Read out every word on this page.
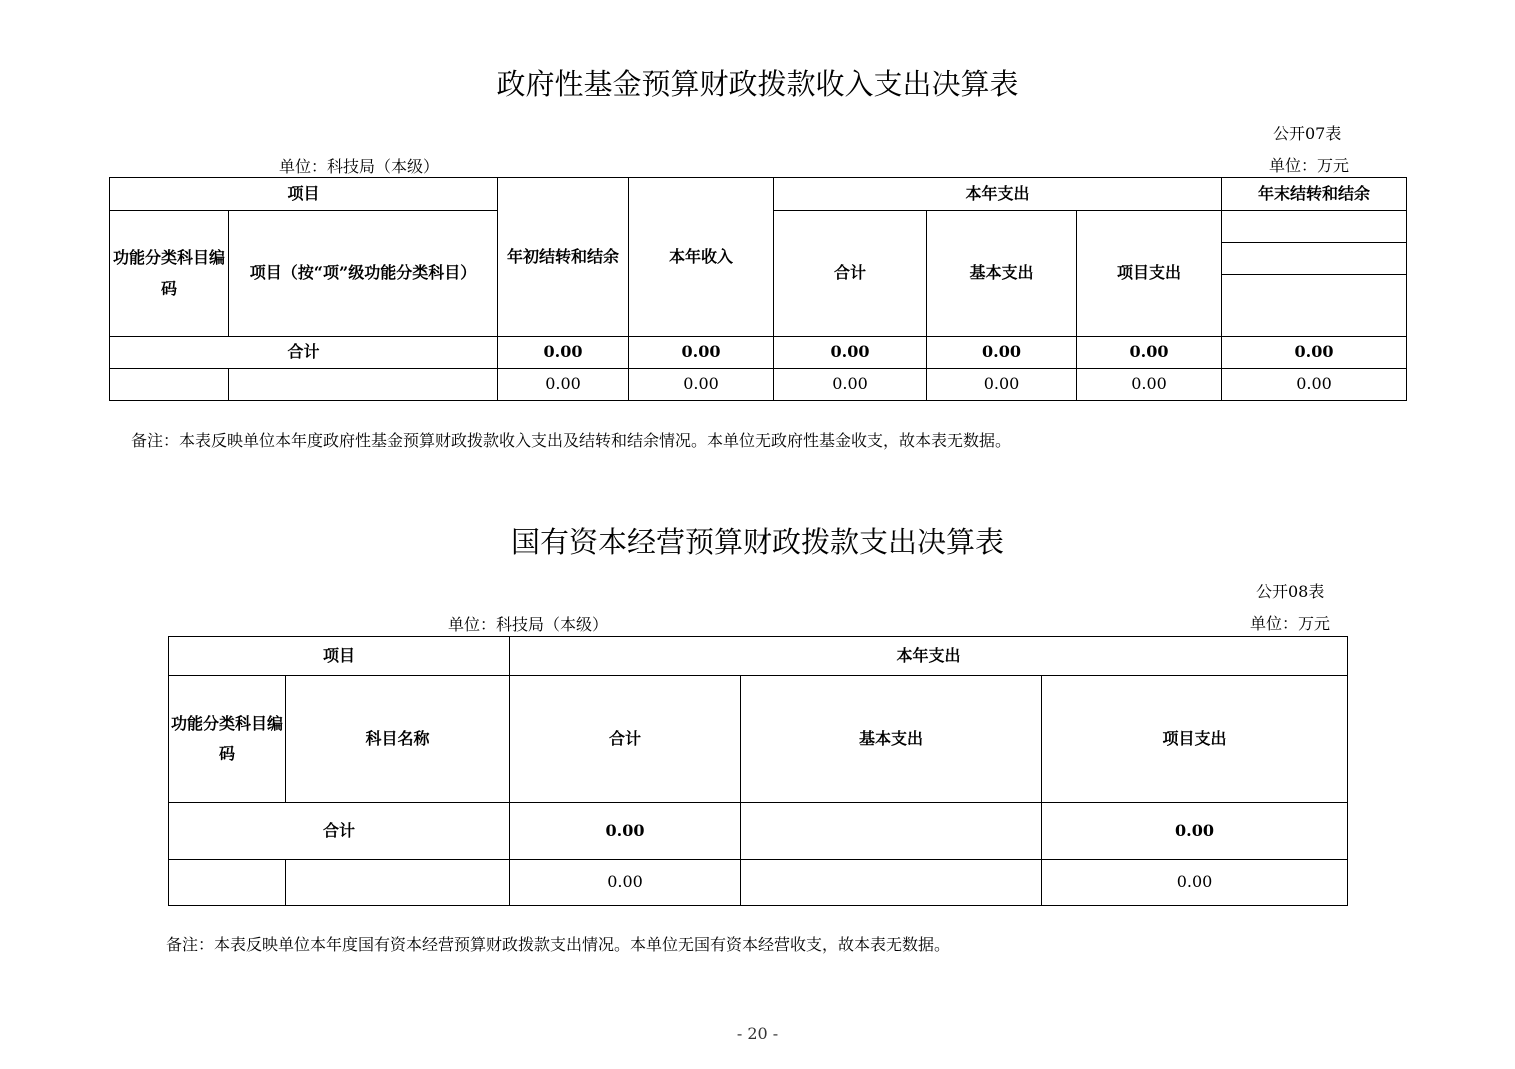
政府性基金预算财政拨款收入支出决算表
公开07表
单位：科技局（本级）	单位：万元
项目		年初结转和结余	本年收入	本年支出			年末结转和结余
功能分类科目编码	项目（按“项”级功能分类科目）			合计	基本支出	项目支出	

合计		0.00	0.00	0.00	0.00	0.00	0.00
		0.00	0.00	0.00	0.00	0.00	0.00
备注：本表反映单位本年度政府性基金预算财政拨款收入支出及结转和结余情况。本单位无政府性基金收支，故本表无数据。
国有资本经营预算财政拨款支出决算表
公开08表
单位：科技局（本级）	单位：万元
项目		本年支出		
功能分类科目编码	科目名称	合计	基本支出	项目支出
合计		0.00		0.00
		0.00		0.00
备注：本表反映单位本年度国有资本经营预算财政拨款支出情况。本单位无国有资本经营收支，故本表无数据。
- 20 -
